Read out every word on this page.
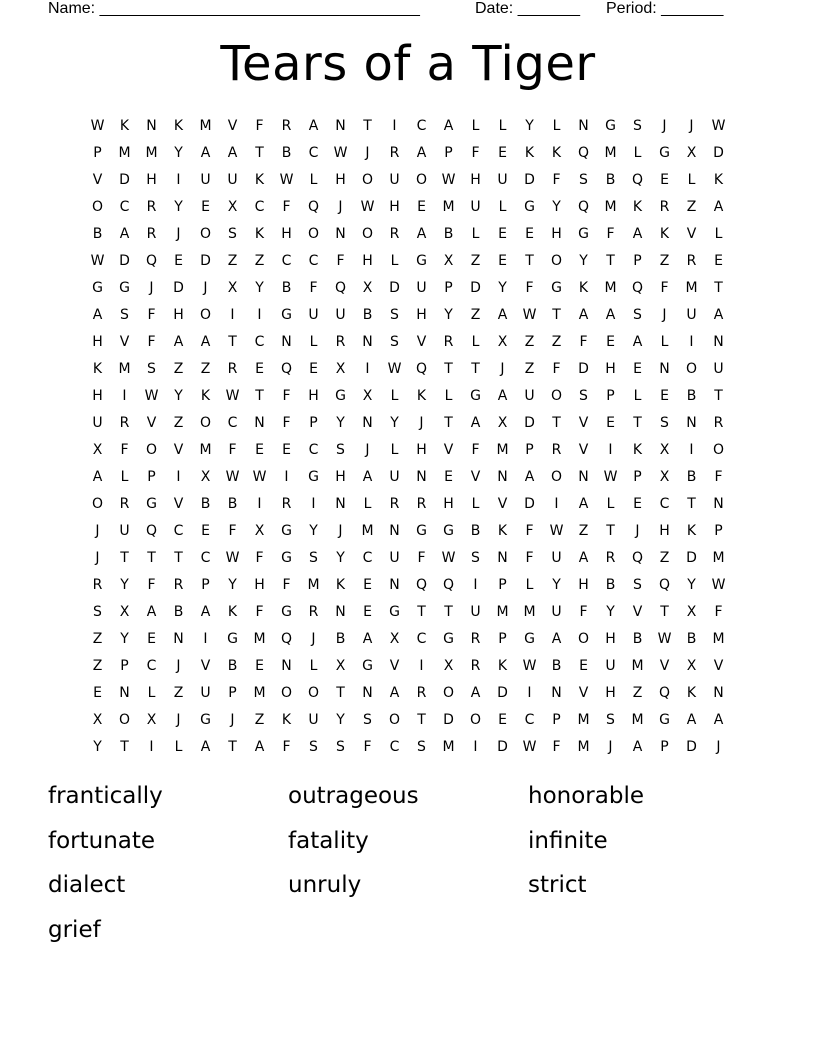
Name: ____________________________________	Date: _______ Period: _______
Tears of a Tiger
W	K	N	K	M	V	F	R	A	N	T	I	C	A	L	L	Y	L	N	G	S	J	J	W
P	M	M	Y	A	A	T	B	C	W	J	R	A	P	F	E	K	K	Q	M	L	G	X	D
V	D	H	I	U	U	K	W	L	H	O	U	O	W	H	U	D	F	S	B	Q	E	L	K
O	C	R	Y	E	X	C	F	Q	J	W	H	E	M	U	L	G	Y	Q	M	K	R	Z	A
B	A	R	J	O	S	K	H	O	N	O	R	A	B	L	E	E	H	G	F	A	K	V	L
W	D	Q	E	D	Z	Z	C	C	F	H	L	G	X	Z	E	T	O	Y	T	P	Z	R	E
G	G	J	D	J	X	Y	B	F	Q	X	D	U	P	D	Y	F	G	K	M	Q	F	M	T
A	S	F	H	O	I	I	G	U	U	B	S	H	Y	Z	A	W	T	A	A	S	J	U	A
H	V	F	A	A	T	C	N	L	R	N	S	V	R	L	X	Z	Z	F	E	A	L	I	N
K	M	S	Z	Z	R	E	Q	E	X	I	W	Q	T	T	J	Z	F	D	H	E	N	O	U
H	I	W	Y	K	W	T	F	H	G	X	L	K	L	G	A	U	O	S	P	L	E	B	T
U	R	V	Z	O	C	N	F	P	Y	N	Y	J	T	A	X	D	T	V	E	T	S	N	R
X	F	O	V	M	F	E	E	C	S	J	L	H	V	F	M	P	R	V	I	K	X	I	O
A	L	P	I	X	W W	I	G	H	A	U	N	E	V	N	A	O	N	W	P	X	B	F
O	R	G	V	B	B	I	R	I	N	L	R	R	H	L	V	D	I	A	L	E	C	T	N
J	U	Q	C	E	F	X	G	Y	J	M	N	G	G	B	K	F	W	Z	T	J	H	K	P
J	T	T	T	C	W	F	G	S	Y	C	U	F	W	S	N	F	U	A	R	Q	Z	D	M
R	Y	F	R	P	Y	H	F	M	K	E	N	Q	Q	I	P	L	Y	H	B	S	Q	Y	W
S	X	A	B	A	K	F	G	R	N	E	G	T	T	U	M	M	U	F	Y	V	T	X	F
Z	Y	E	N	I	G	M	Q	J	B	A	X	C	G	R	P	G	A	O	H	B	W	B	M
Z	P	C	J	V	B	E	N	L	X	G	V	I	X	R	K	W	B	E	U	M	V	X	V
E	N	L	Z	U	P	M	O	O	T	N	A	R	O	A	D	I	N	V	H	Z	Q	K	N
X	O	X	J	G	J	Z	K	U	Y	S	O	T	D	O	E	C	P	M	S	M	G	A	A
Y	T	I	L	A	T	A	F	S	S	F	C	S	M	I	D	W	F	M	J	A	P	D	J
frantically	outrageous	honorable
fortunate	fatality	infinite
dialect	unruly	strict
grief
